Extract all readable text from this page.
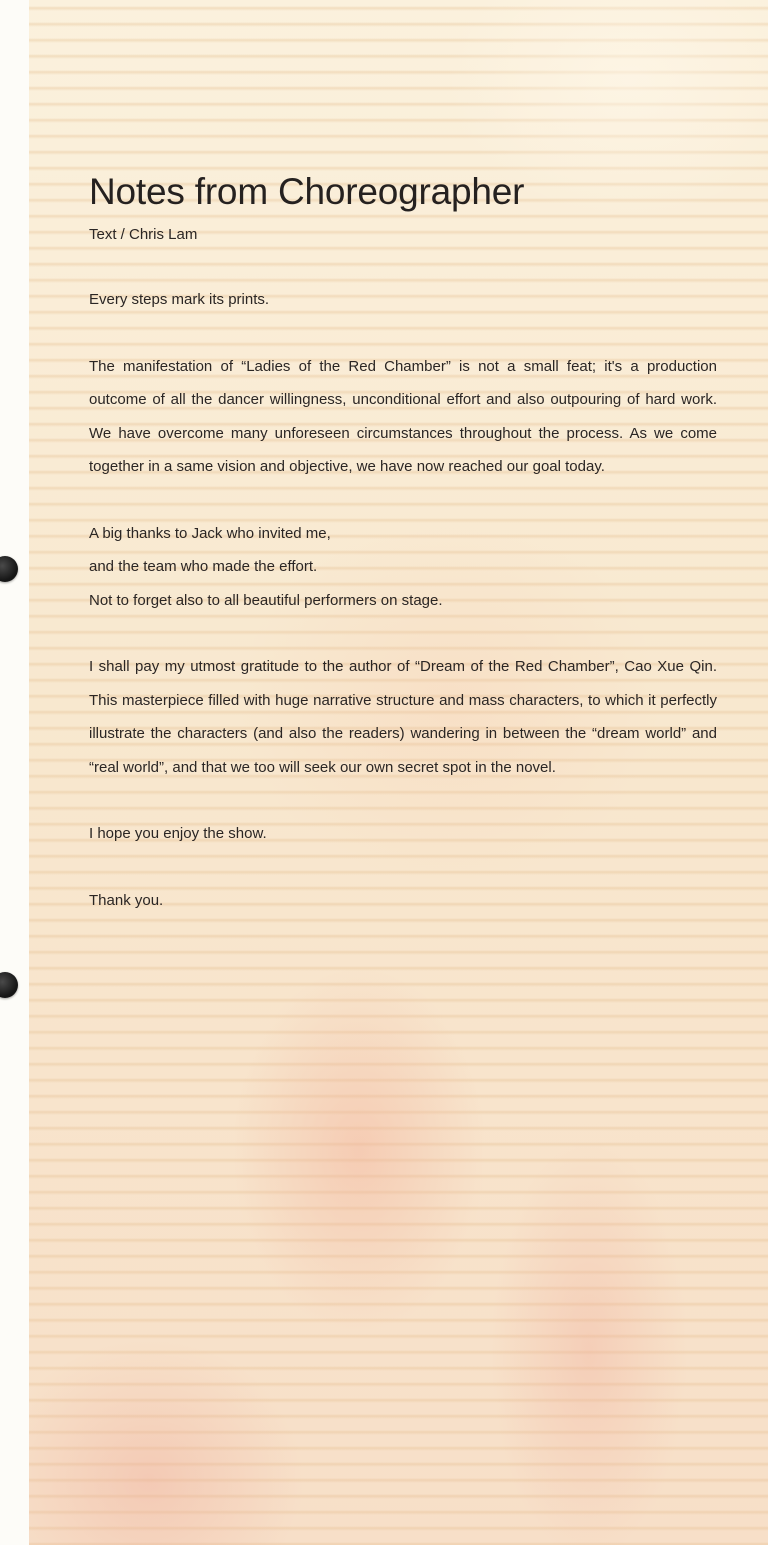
Notes from Choreographer

Text / Chris Lam

Every steps mark its prints.

The manifestation of “Ladies of the Red Chamber” is not a small feat; it's a production outcome of all the dancer willingness, unconditional effort and also outpouring of hard work. We have overcome many unforeseen circumstances throughout the process. As we come together in a same vision and objective, we have now reached our goal today.

A big thanks to Jack who invited me,
and the team who made the effort.
Not to forget also to all beautiful performers on stage.

I shall pay my utmost gratitude to the author of “Dream of the Red Chamber”, Cao Xue Qin. This masterpiece filled with huge narrative structure and mass characters, to which it perfectly illustrate the characters (and also the readers) wandering in between the “dream world” and “real world”, and that we too will seek our own secret spot in the novel.

I hope you enjoy the show.

Thank you.
